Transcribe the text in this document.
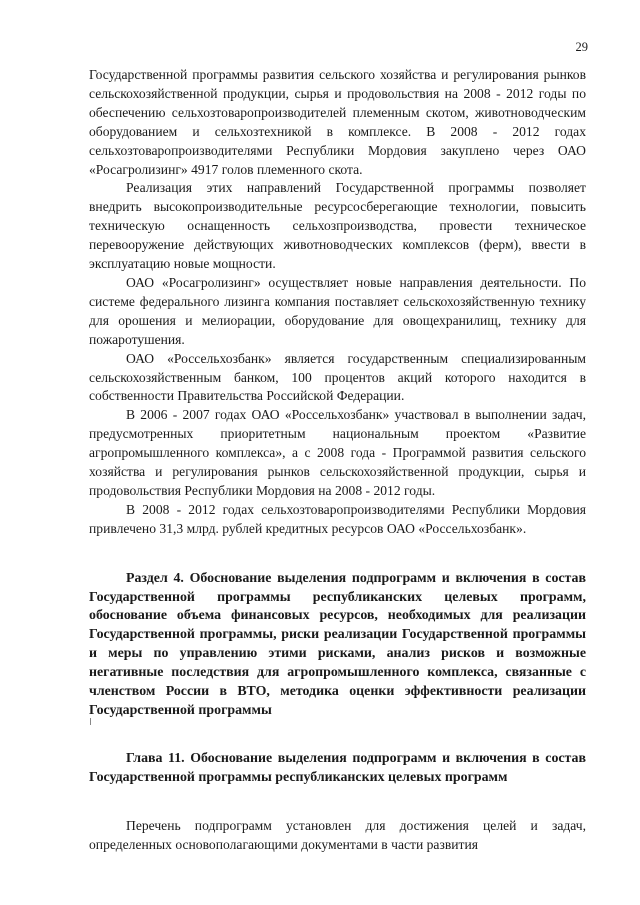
29

Государственной программы развития сельского хозяйства и регулирования рынков сельскохозяйственной продукции, сырья и продовольствия на 2008 - 2012 годы по обеспечению сельхозтоваропроизводителей племенным скотом, животноводческим оборудованием и сельхозтехникой в комплексе. В 2008 - 2012 годах сельхозтоваропроизводителями Республики Мордовия закуплено через ОАО «Росагролизинг» 4917 голов племенного скота.

Реализация этих направлений Государственной программы позволяет внедрить высокопроизводительные ресурсосберегающие технологии, повысить техническую оснащенность сельхозпроизводства, провести техническое перевооружение действующих животноводческих комплексов (ферм), ввести в эксплуатацию новые мощности.

ОАО «Росагролизинг» осуществляет новые направления деятельности. По системе федерального лизинга компания поставляет сельскохозяйственную технику для орошения и мелиорации, оборудование для овощехранилищ, технику для пожаротушения.

ОАО «Россельхозбанк» является государственным специализированным сельскохозяйственным банком, 100 процентов акций которого находится в собственности Правительства Российской Федерации.

В 2006 - 2007 годах ОАО «Россельхозбанк» участвовал в выполнении задач, предусмотренных приоритетным национальным проектом «Развитие агропромышленного комплекса», а с 2008 года - Программой развития сельского хозяйства и регулирования рынков сельскохозяйственной продукции, сырья и продовольствия Республики Мордовия на 2008 - 2012 годы.

В 2008 - 2012 годах сельхозтоваропроизводителями Республики Мордовия привлечено 31,3 млрд. рублей кредитных ресурсов ОАО «Россельхозбанк».

Раздел 4. Обоснование выделения подпрограмм и включения в состав Государственной программы республиканских целевых программ, обоснование объема финансовых ресурсов, необходимых для реализации Государственной программы, риски реализации Государственной программы и меры по управлению этими рисками, анализ рисков и возможные негативные последствия для агропромышленного комплекса, связанные с членством России в ВТО, методика оценки эффективности реализации Государственной программы

Глава 11. Обоснование выделения подпрограмм и включения в состав Государственной программы республиканских целевых программ

Перечень подпрограмм установлен для достижения целей и задач, определенных основополагающими документами в части развития
